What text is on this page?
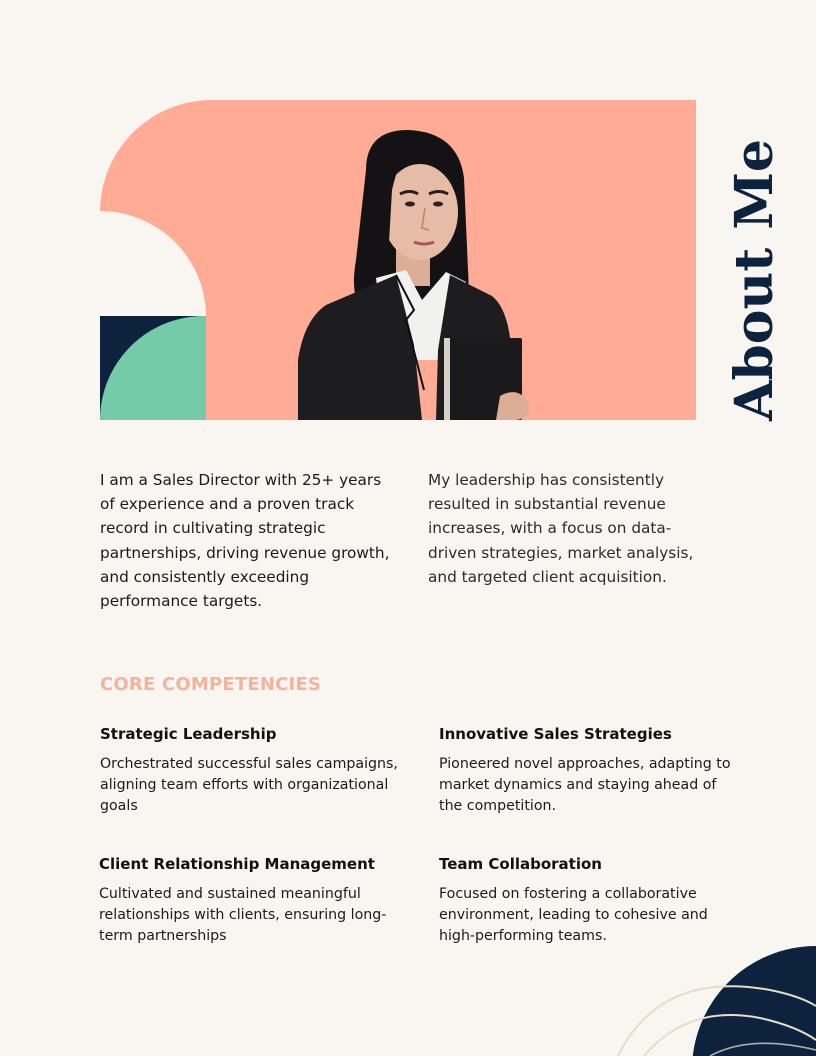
About Me

I am a Sales Director with 25+ years of experience and a proven track record in cultivating strategic partnerships, driving revenue growth, and consistently exceeding performance targets.

My leadership has consistently resulted in substantial revenue increases, with a focus on data-driven strategies, market analysis, and targeted client acquisition.

CORE COMPETENCIES
Strategic Leadership

Orchestrated successful sales campaigns, aligning team efforts with organizational goals

Innovative Sales Strategies

Pioneered novel approaches, adapting to market dynamics and staying ahead of the competition.

Client Relationship Management

Cultivated and sustained meaningful relationships with clients, ensuring long-term partnerships

Team Collaboration

Focused on fostering a collaborative environment, leading to cohesive and high-performing teams.
